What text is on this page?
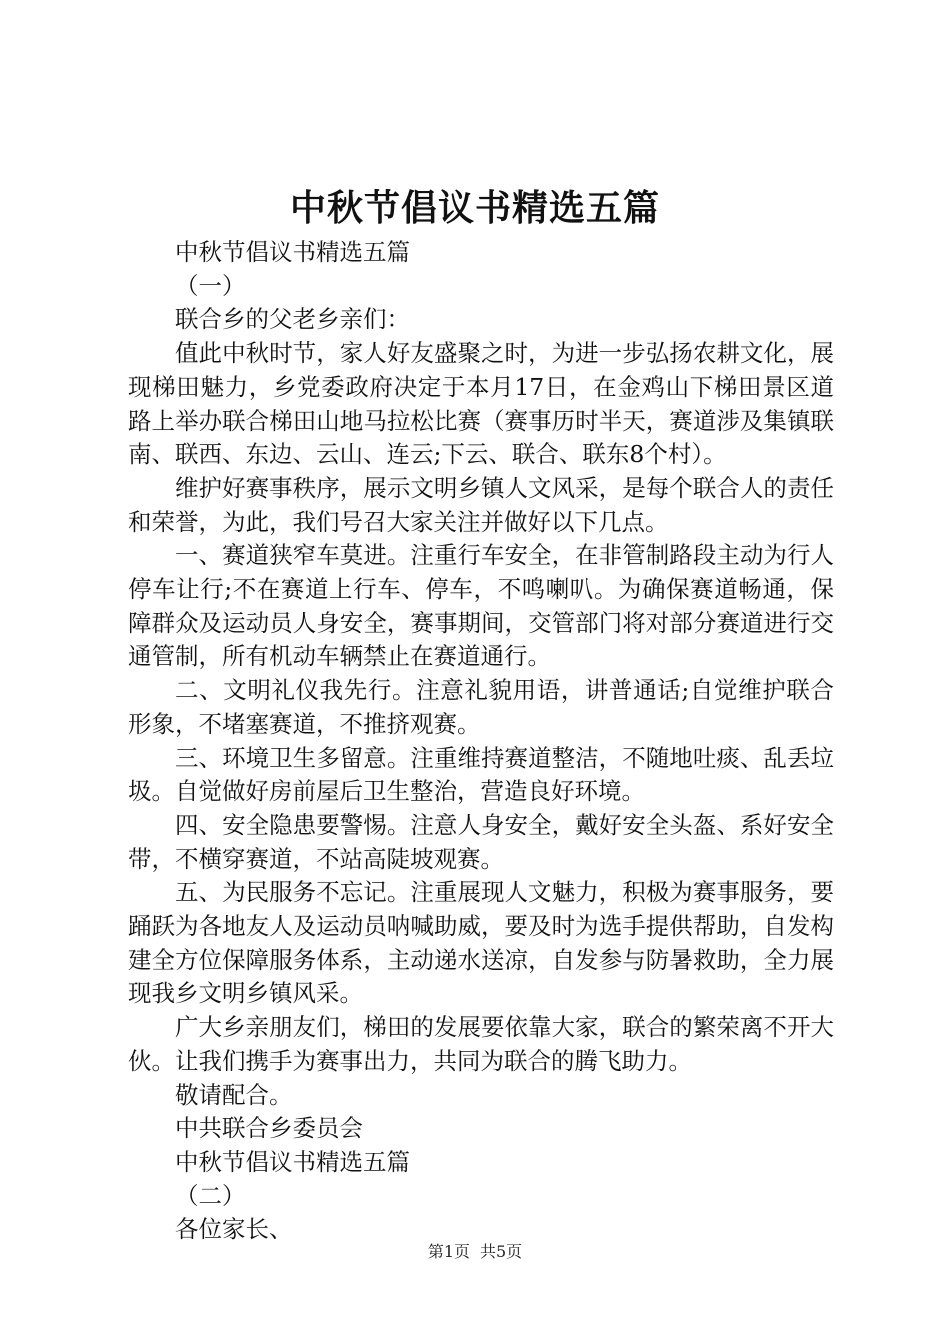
中秋节倡议书精选五篇

中秋节倡议书精选五篇

（一）

联合乡的父老乡亲们：

值此中秋时节，家人好友盛聚之时，为进一步弘扬农耕文化，展现梯田魅力，乡党委政府决定于本月17日，在金鸡山下梯田景区道路上举办联合梯田山地马拉松比赛（赛事历时半天，赛道涉及集镇联南、联西、东边、云山、连云;下云、联合、联东8个村）。

维护好赛事秩序，展示文明乡镇人文风采，是每个联合人的责任和荣誉，为此，我们号召大家关注并做好以下几点。

一、赛道狭窄车莫进。注重行车安全，在非管制路段主动为行人停车让行;不在赛道上行车、停车，不鸣喇叭。为确保赛道畅通，保障群众及运动员人身安全，赛事期间，交管部门将对部分赛道进行交通管制，所有机动车辆禁止在赛道通行。

二、文明礼仪我先行。注意礼貌用语，讲普通话;自觉维护联合形象，不堵塞赛道，不推挤观赛。

三、环境卫生多留意。注重维持赛道整洁，不随地吐痰、乱丢垃圾。自觉做好房前屋后卫生整治，营造良好环境。

四、安全隐患要警惕。注意人身安全，戴好安全头盔、系好安全带，不横穿赛道，不站高陡坡观赛。

五、为民服务不忘记。注重展现人文魅力，积极为赛事服务，要踊跃为各地友人及运动员呐喊助威，要及时为选手提供帮助，自发构建全方位保障服务体系，主动递水送凉，自发参与防暑救助，全力展现我乡文明乡镇风采。

广大乡亲朋友们，梯田的发展要依靠大家，联合的繁荣离不开大伙。让我们携手为赛事出力，共同为联合的腾飞助力。

敬请配合。

中共联合乡委员会

中秋节倡议书精选五篇

（二）

各位家长、

第1页 共5页
